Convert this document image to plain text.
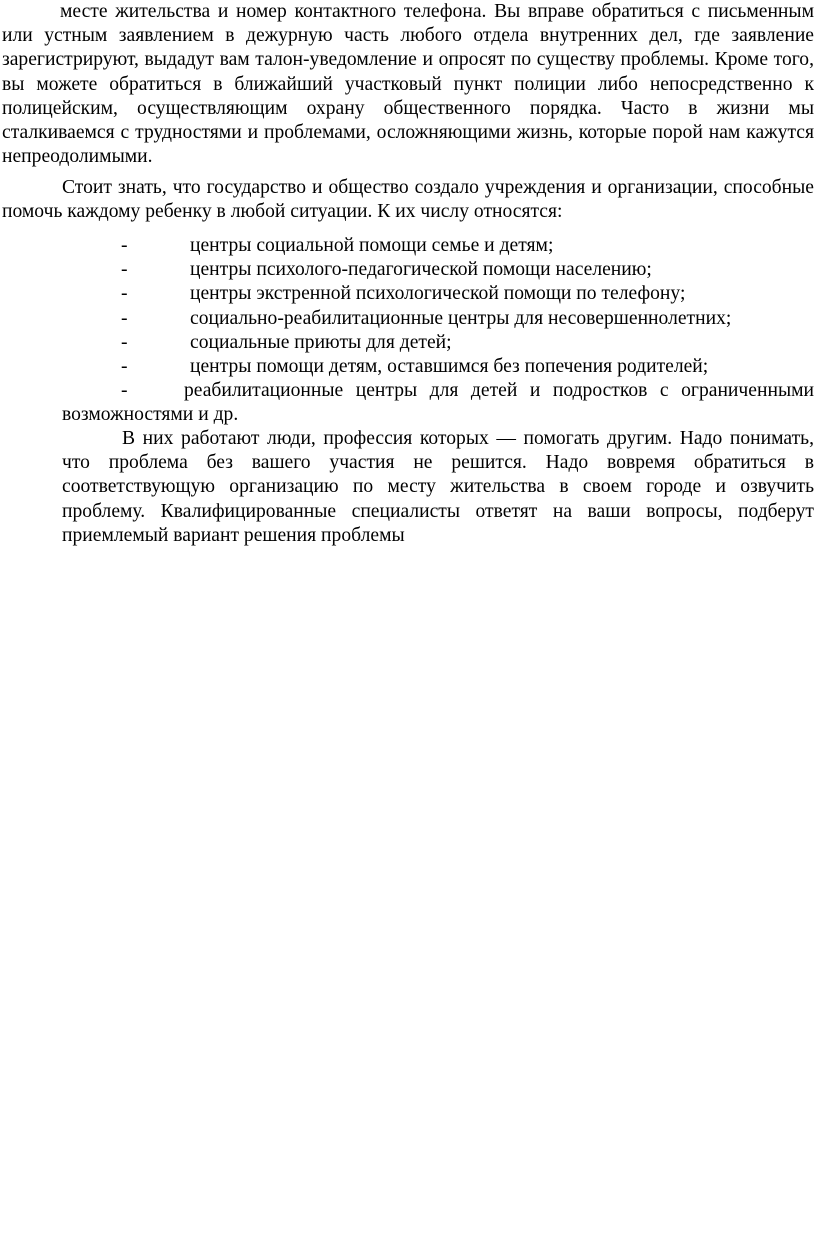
месте жительства и номер контактного телефона. Вы вправе обратиться с письменным или устным заявлением в дежурную часть любого отдела внутренних дел, где заявление зарегистрируют, выдадут вам талон-уведомление и опросят по существу проблемы. Кроме того, вы можете обратиться в ближайший участковый пункт полиции либо непосредственно к полицейским, осуществляющим охрану общественного порядка. Часто в жизни мы сталкиваемся с трудностями и проблемами, осложняющими жизнь, которые порой нам кажутся непреодолимыми.

Стоит знать, что государство и общество создало учреждения и организации, способные помочь каждому ребенку в любой ситуации. К их числу относятся:

-	центры социальной помощи семье и детям;
-	центры психолого-педагогической помощи населению;
-	центры экстренной психологической помощи по телефону;
-	социально-реабилитационные центры для несовершеннолетних;
-	социальные приюты для детей;
-	центры помощи детям, оставшимся без попечения родителей;
-	реабилитационные центры для детей и подростков с ограниченными возможностями и др.

В них работают люди, профессия которых — помогать другим. Надо понимать, что проблема без вашего участия не решится. Надо вовремя обратиться в соответствующую организацию по месту жительства в своем городе и озвучить проблему. Квалифицированные специалисты ответят на ваши вопросы, подберут приемлемый вариант решения проблемы
